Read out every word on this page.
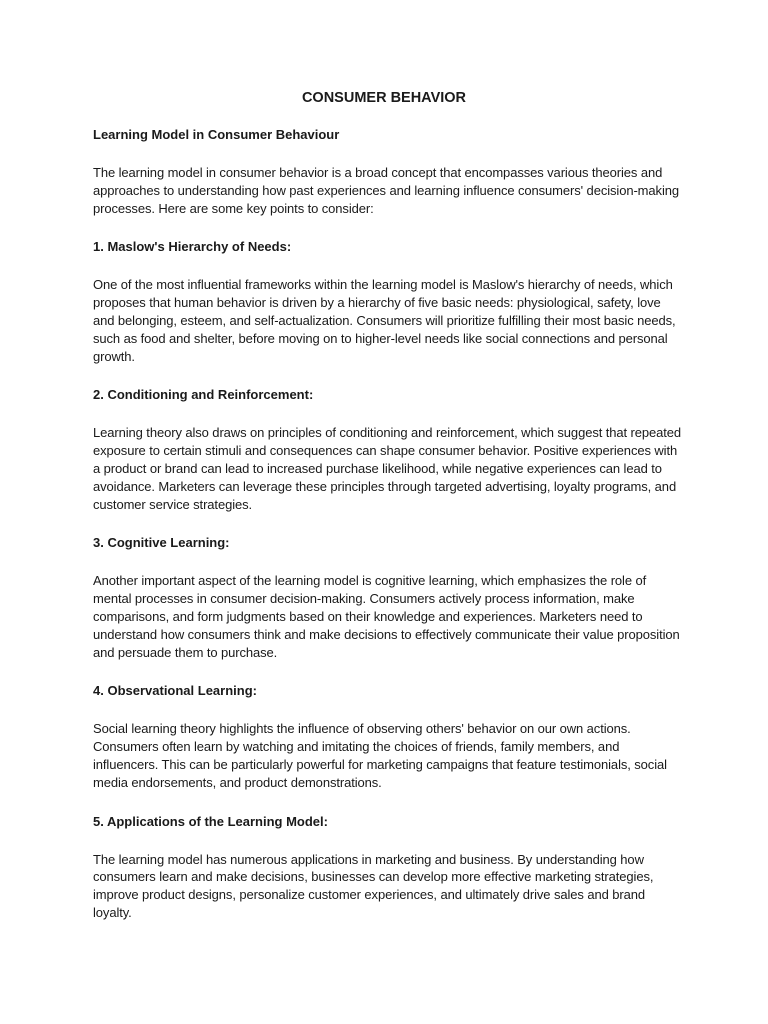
CONSUMER BEHAVIOR
Learning Model in Consumer Behaviour

The learning model in consumer behavior is a broad concept that encompasses various theories and approaches to understanding how past experiences and learning influence consumers' decision-making processes. Here are some key points to consider:

1. Maslow's Hierarchy of Needs:

One of the most influential frameworks within the learning model is Maslow's hierarchy of needs, which proposes that human behavior is driven by a hierarchy of five basic needs: physiological, safety, love and belonging, esteem, and self-actualization. Consumers will prioritize fulfilling their most basic needs, such as food and shelter, before moving on to higher-level needs like social connections and personal growth.

2. Conditioning and Reinforcement:

Learning theory also draws on principles of conditioning and reinforcement, which suggest that repeated exposure to certain stimuli and consequences can shape consumer behavior. Positive experiences with a product or brand can lead to increased purchase likelihood, while negative experiences can lead to avoidance. Marketers can leverage these principles through targeted advertising, loyalty programs, and customer service strategies.

3. Cognitive Learning:

Another important aspect of the learning model is cognitive learning, which emphasizes the role of mental processes in consumer decision-making. Consumers actively process information, make comparisons, and form judgments based on their knowledge and experiences. Marketers need to understand how consumers think and make decisions to effectively communicate their value proposition and persuade them to purchase.

4. Observational Learning:

Social learning theory highlights the influence of observing others' behavior on our own actions. Consumers often learn by watching and imitating the choices of friends, family members, and influencers. This can be particularly powerful for marketing campaigns that feature testimonials, social media endorsements, and product demonstrations.

5. Applications of the Learning Model:

The learning model has numerous applications in marketing and business. By understanding how consumers learn and make decisions, businesses can develop more effective marketing strategies, improve product designs, personalize customer experiences, and ultimately drive sales and brand loyalty.
